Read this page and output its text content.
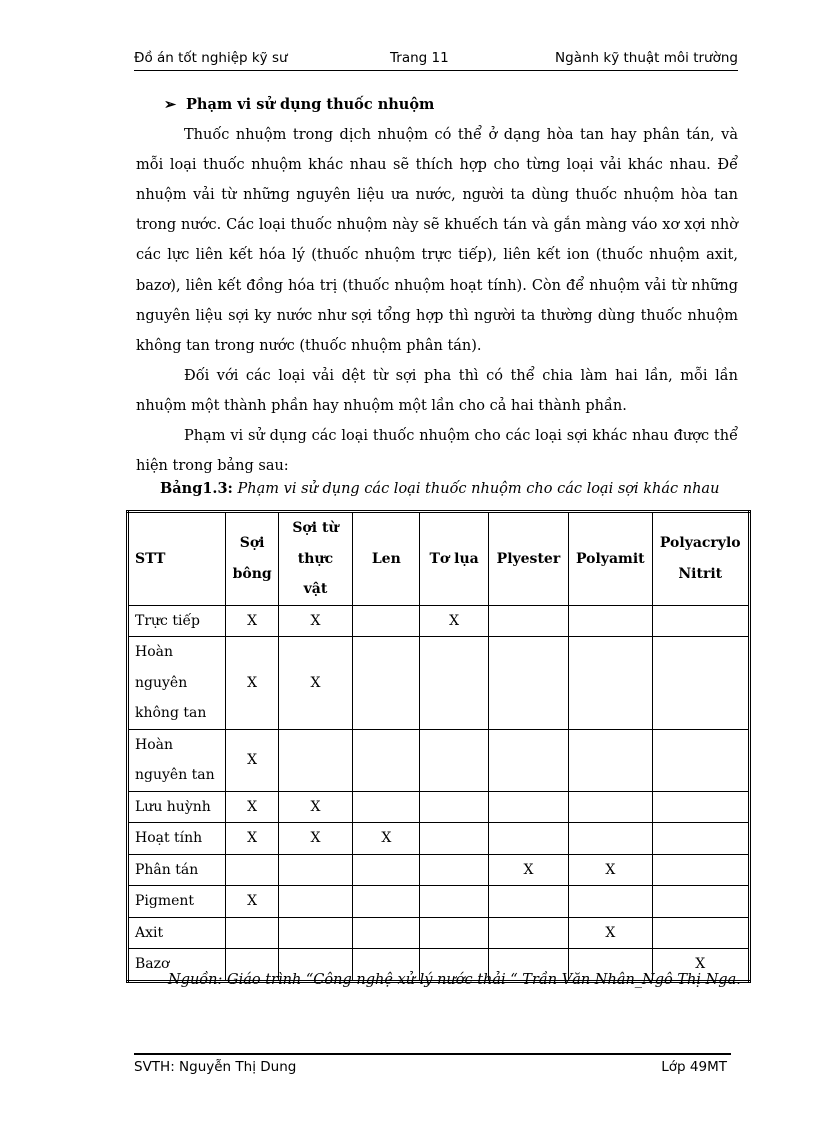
Đồ án tốt nghiệp kỹ sư	Trang 11	Ngành kỹ thuật môi trường
➢ Phạm vi sử dụng thuốc nhuộm

Thuốc nhuộm trong dịch nhuộm có thể ở dạng hòa tan hay phân tán, và mỗi loại thuốc nhuộm khác nhau sẽ thích hợp cho từng loại vải khác nhau. Để nhuộm vải từ những nguyên liệu ưa nước, người ta dùng thuốc nhuộm hòa tan trong nước. Các loại thuốc nhuộm này sẽ khuếch tán và gắn màng váo xơ xợi nhờ các lực liên kết hóa lý (thuốc nhuộm trực tiếp), liên kết ion (thuốc nhuộm axit, bazơ), liên kết đồng hóa trị (thuốc nhuộm hoạt tính). Còn để nhuộm vải từ những nguyên liệu sợi ky nước như sợi tổng hợp thì người ta thường dùng thuốc nhuộm không tan trong nước (thuốc nhuộm phân tán).

Đối với các loại vải dệt từ sợi pha thì có thể chia làm hai lần, mỗi lần nhuộm một thành phần hay nhuộm một lần cho cả hai thành phần.

Phạm vi sử dụng các loại thuốc nhuộm cho các loại sợi khác nhau được thể hiện trong bảng sau:

Bảng1.3: Phạm vi sử dụng các loại thuốc nhuộm cho các loại sợi khác nhau
STT	Sợi bông	Sợi từ thực vật	Len	Tơ lụa	Plyester	Polyamit	Polyacrylo Nitrit
Trực tiếp	X	X		X			
Hoàn nguyên không tan	X	X					
Hoàn nguyên tan	X						
Lưu huỳnh	X	X					
Hoạt tính	X	X	X				
Phân tán					X	X	
Pigment	X						
Axit						X	
Bazơ							X
Nguồn: Giáo trình “Công nghệ xử lý nước thải “ Trần Văn Nhân_Ngô Thị Nga.
SVTH: Nguyễn Thị Dung	Lớp 49MT
